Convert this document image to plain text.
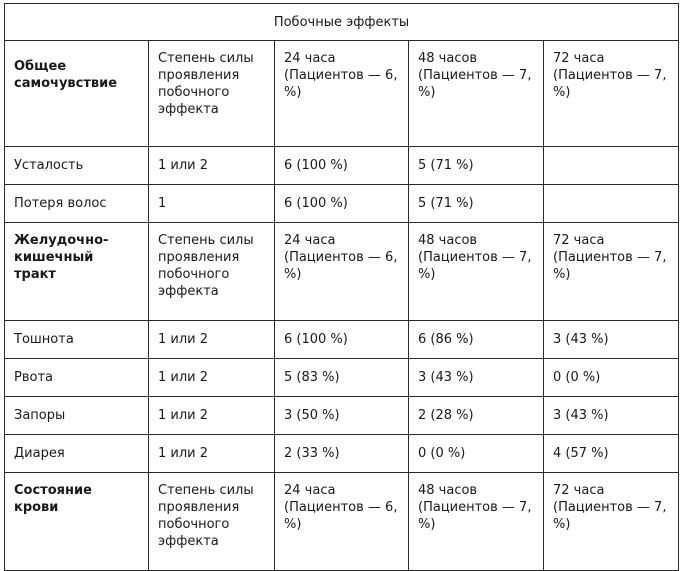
Побочные эффекты				
Общее самочувствие	Степень силы проявления побочного эффекта	24 часа (Пациентов — 6, %)	48 часов (Пациентов — 7, %)	72 часа (Пациентов — 7, %)
Усталость	1 или 2	6 (100 %)	5 (71 %)	
Потеря волос	1	6 (100 %)	5 (71 %)	
Желудочно-кишечный тракт	Степень силы проявления побочного эффекта	24 часа (Пациентов — 6, %)	48 часов (Пациентов — 7, %)	72 часа (Пациентов — 7, %)
Тошнота	1 или 2	6 (100 %)	6 (86 %)	3 (43 %)
Рвота	1 или 2	5 (83 %)	3 (43 %)	0 (0 %)
Запоры	1 или 2	3 (50 %)	2 (28 %)	3 (43 %)
Диарея	1 или 2	2 (33 %)	0 (0 %)	4 (57 %)
Состояние крови	Степень силы проявления побочного эффекта	24 часа (Пациентов — 6, %)	48 часов (Пациентов — 7, %)	72 часа (Пациентов — 7, %)
